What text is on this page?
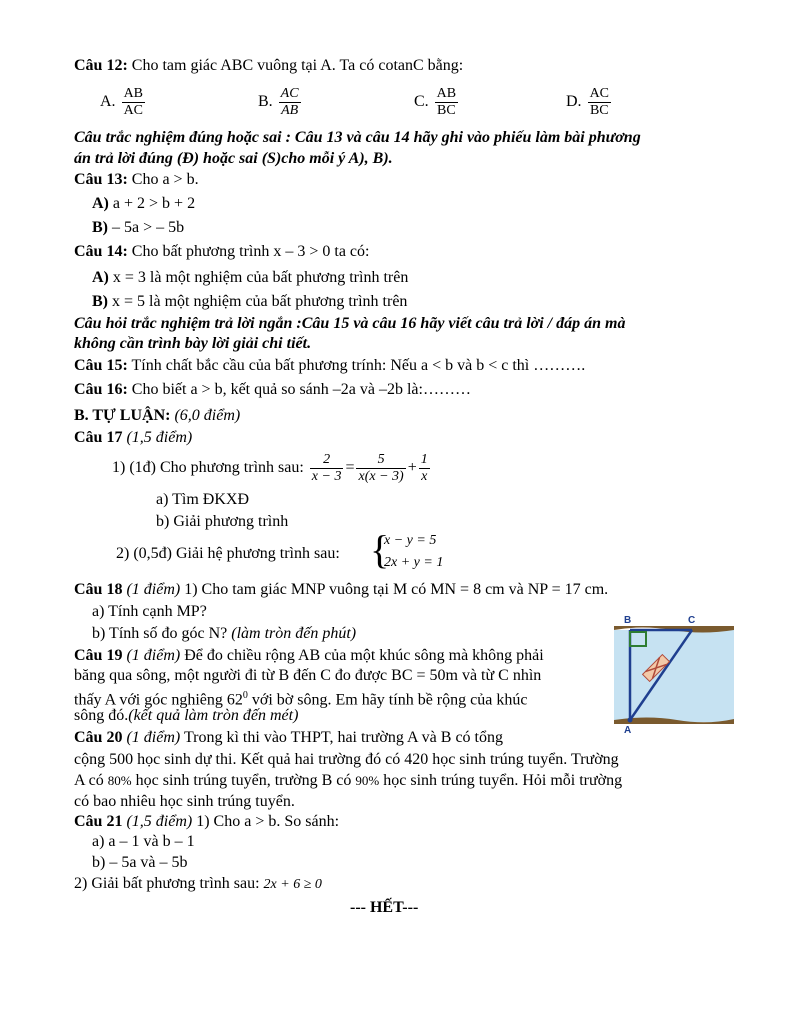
Câu 12: Cho tam giác ABC vuông tại A. Ta có cotanC bằng:
A. $\frac{AB}{AC}$	B. $\frac{AC}{AB}$	C. $\frac{AB}{BC}$	D. $\frac{AC}{BC}$
Câu trắc nghiệm đúng hoặc sai : Câu 13 và câu 14 hãy ghi vào phiếu làm bài phương
án trả lời đúng (Đ) hoặc sai (S)cho mỗi ý A), B).
Câu 13: Cho a > b.
A) a + 2 > b + 2
B) – 5a > – 5b
Câu 14: Cho bất phương trình x – 3 > 0 ta có:
A) x = 3 là một nghiệm của bất phương trình trên
B) x = 5 là một nghiệm của bất phương trình trên
Câu hỏi trắc nghiệm trả lời ngắn :Câu 15 và câu 16 hãy viết câu trả lời / đáp án mà
không cần trình bày lời giải chi tiết.
Câu 15: Tính chất bắc cầu của bất phương trính: Nếu a < b và b < c thì ……….
Câu 16: Cho biết a > b, kết quả so sánh –2a và –2b là:………
B. TỰ LUẬN: (6,0 điểm)
Câu 17 (1,5 điểm)
1) (1đ) Cho phương trình sau: $\frac{2}{x - 3} = \frac{5}{x(x - 3)} + \frac{1}{x}$
a) Tìm ĐKXĐ
b) Giải phương trình
2) (0,5đ) Giải hệ phương trình sau: {
x − y = 5
2x + y = 1
Câu 18 (1 điểm) 1) Cho tam giác MNP vuông tại M có MN = 8 cm và NP = 17 cm.
a) Tính cạnh MP?
b) Tính số đo góc N? (làm tròn đến phút)
Câu 19 (1 điểm) Để đo chiều rộng AB của một khúc sông mà không phải
băng qua sông, một người đi từ B đến C đo được BC = 50m và từ C nhìn
thấy A với góc nghiêng $62^0$ với bờ sông. Em hãy tính bề rộng của khúc
sông đó.(kết quả làm tròn đến mét)
B	C
A
Câu 20 (1 điểm) Trong kì thi vào THPT, hai trường A và B có tổng
cộng 500 học sinh dự thi. Kết quả hai trường đó có 420 học sinh trúng tuyển. Trường
A có 80% học sinh trúng tuyển, trường B có 90% học sinh trúng tuyển. Hỏi mỗi trường
có bao nhiêu học sinh trúng tuyển.
Câu 21 (1,5 điểm) 1) Cho a > b. So sánh:
a) a – 1 và b – 1
b) – 5a và – 5b
2) Giải bất phương trình sau: 2x + 6 ≥ 0
--- HẾT---
